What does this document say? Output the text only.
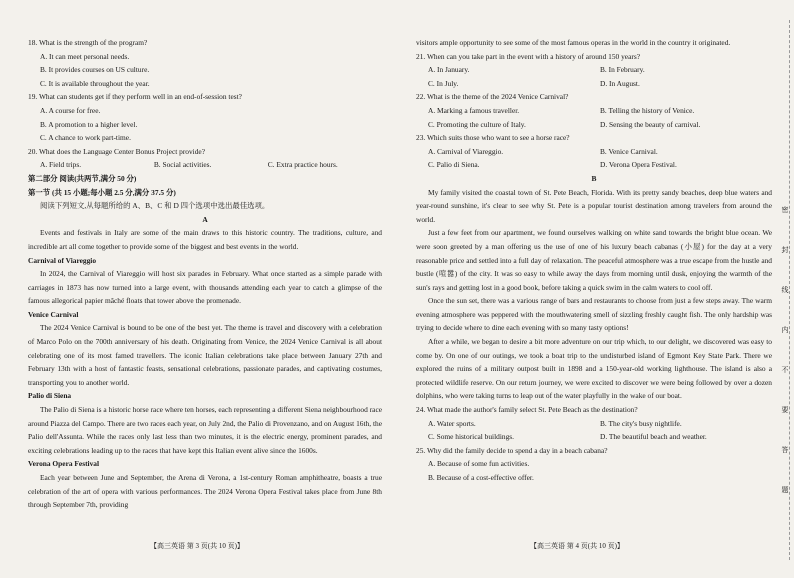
18. What is the strength of the program?
A. It can meet personal needs.
B. It provides courses on US culture.
C. It is available throughout the year.
19. What can students get if they perform well in an end-of-session test?
A. A course for free.
B. A promotion to a higher level.
C. A chance to work part-time.
20. What does the Language Center Bonus Project provide?
A. Field trips.	B. Social activities.	C. Extra practice hours.
第二部分 阅读(共两节,满分 50 分)
第一节 (共 15 小题;每小题 2.5 分,满分 37.5 分)
阅读下列短文,从每题所给的 A、B、C 和 D 四个选项中选出最佳选项。
A
Events and festivals in Italy are some of the main draws to this historic country. The traditions, culture, and incredible art all come together to provide some of the biggest and best events in the world.
Carnival of Viareggio
In 2024, the Carnival of Viareggio will host six parades in February. What once started as a simple parade with carriages in 1873 has now turned into a large event, with thousands attending each year to catch a glimpse of the famous allegorical papier mâché floats that tower above the promenade.
Venice Carnival
The 2024 Venice Carnival is bound to be one of the best yet. The theme is travel and discovery with a celebration of Marco Polo on the 700th anniversary of his death. Originating from Venice, the 2024 Venice Carnival is all about celebrating one of its most famed travellers. The iconic Italian celebrations take place between January 27th and February 13th with a host of fantastic feasts, sensational celebrations, passionate parades, and captivating costumes, transporting you to another world.
Palio di Siena
The Palio di Siena is a historic horse race where ten horses, each representing a different Siena neighbourhood race around Piazza del Campo. There are two races each year, on July 2nd, the Palio di Provenzano, and on August 16th, the Palio dell'Assunta. While the races only last less than two minutes, it is the electric energy, prominent parades, and exciting celebrations leading up to the races that have kept this Italian event alive since the 1600s.
Verona Opera Festival
Each year between June and September, the Arena di Verona, a 1st-century Roman amphitheatre, boasts a true celebration of the art of opera with various performances. The 2024 Verona Opera Festival takes place from June 8th through September 7th, providing
visitors ample opportunity to see some of the most famous operas in the world in the country it originated.
21. When can you take part in the event with a history of around 150 years?
A. In January.	B. In February.
C. In July.	D. In August.
22. What is the theme of the 2024 Venice Carnival?
A. Marking a famous traveller.	B. Telling the history of Venice.
C. Promoting the culture of Italy.	D. Sensing the beauty of carnival.
23. Which suits those who want to see a horse race?
A. Carnival of Viareggio.	B. Venice Carnival.
C. Palio di Siena.	D. Verona Opera Festival.
B
My family visited the coastal town of St. Pete Beach, Florida. With its pretty sandy beaches, deep blue waters and year-round sunshine, it's clear to see why St. Pete is a popular tourist destination among travelers from around the world.
Just a few feet from our apartment, we found ourselves walking on white sand towards the bright blue ocean. We were soon greeted by a man offering us the use of one of his luxury beach cabanas (小屋) for the day at a very reasonable price and settled into a full day of relaxation. The peaceful atmosphere was a true escape from the hustle and bustle (喧嚣) of the city. It was so easy to while away the days from morning until dusk, enjoying the warmth of the sun's rays and getting lost in a good book, before taking a quick swim in the calm waters to cool off.
Once the sun set, there was a various range of bars and restaurants to choose from just a few steps away. The warm evening atmosphere was peppered with the mouthwatering smell of sizzling freshly caught fish. The only hardship was trying to decide where to dine each evening with so many tasty options!
After a while, we began to desire a bit more adventure on our trip which, to our delight, we discovered was easy to come by. On one of our outings, we took a boat trip to the undisturbed island of Egmont Key State Park. There we explored the ruins of a military outpost built in 1898 and a 150-year-old working lighthouse. The island is also a protected wildlife reserve. On our return journey, we were excited to discover we were being followed by over a dozen dolphins, who were taking turns to leap out of the water playfully in the wake of our boat.
24. What made the author's family select St. Pete Beach as the destination?
A. Water sports.	B. The city's busy nightlife.
C. Some historical buildings.	D. The beautiful beach and weather.
25. Why did the family decide to spend a day in a beach cabana?
A. Because of some fun activities.
B. Because of a cost-effective offer.
【高三英语 第 3 页(共 10 页)】	【高三英语 第 4 页(共 10 页)】
密
封
线
内
不
要
答
题
